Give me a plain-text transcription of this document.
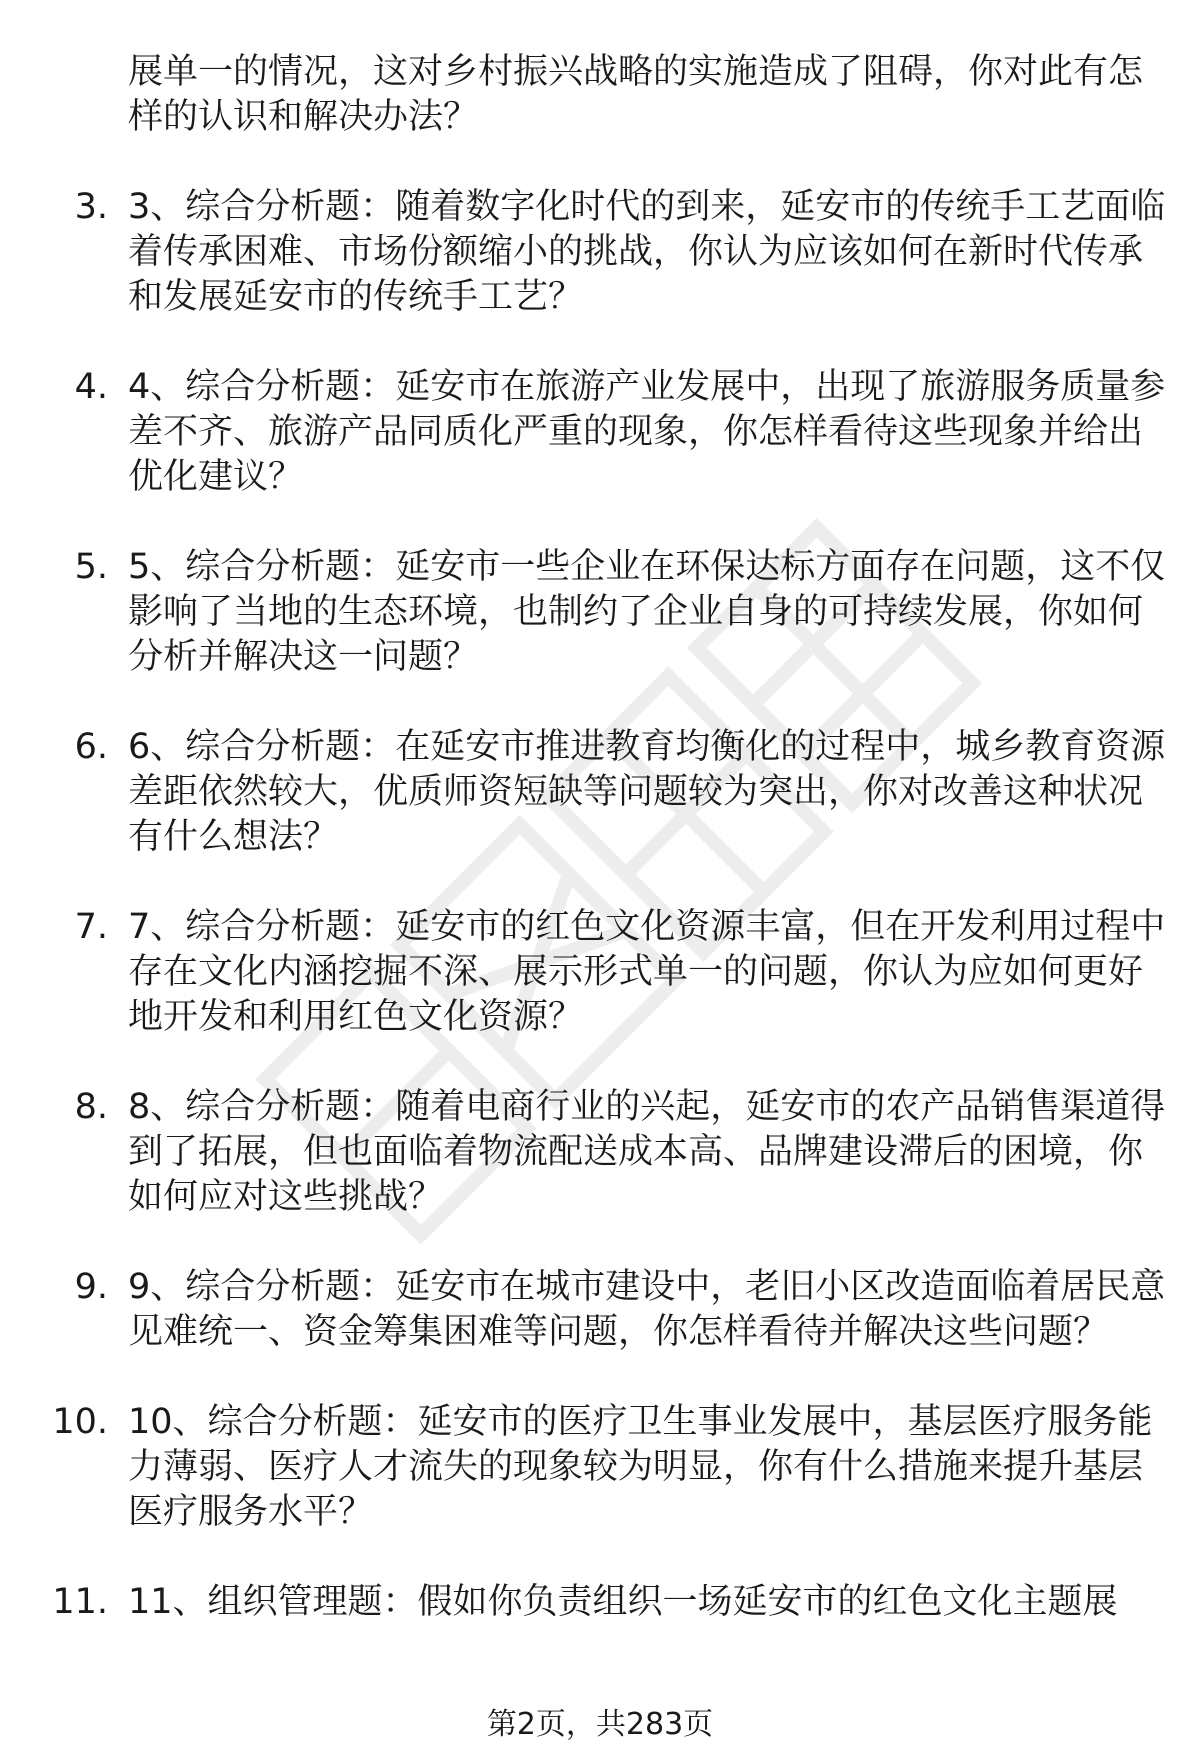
展单一的情况，这对乡村振兴战略的实施造成了阻碍，你对此有怎样的认识和解决办法？

3. 3、综合分析题：随着数字化时代的到来，延安市的传统手工艺面临着传承困难、市场份额缩小的挑战，你认为应该如何在新时代传承和发展延安市的传统手工艺？
4. 4、综合分析题：延安市在旅游产业发展中，出现了旅游服务质量参差不齐、旅游产品同质化严重的现象，你怎样看待这些现象并给出优化建议？
5. 5、综合分析题：延安市一些企业在环保达标方面存在问题，这不仅影响了当地的生态环境，也制约了企业自身的可持续发展，你如何分析并解决这一问题？
6. 6、综合分析题：在延安市推进教育均衡化的过程中，城乡教育资源差距依然较大，优质师资短缺等问题较为突出，你对改善这种状况有什么想法？
7. 7、综合分析题：延安市的红色文化资源丰富，但在开发利用过程中存在文化内涵挖掘不深、展示形式单一的问题，你认为应如何更好地开发和利用红色文化资源？
8. 8、综合分析题：随着电商行业的兴起，延安市的农产品销售渠道得到了拓展，但也面临着物流配送成本高、品牌建设滞后的困境，你如何应对这些挑战？
9. 9、综合分析题：延安市在城市建设中，老旧小区改造面临着居民意见难统一、资金筹集困难等问题，你怎样看待并解决这些问题？
10. 10、综合分析题：延安市的医疗卫生事业发展中，基层医疗服务能力薄弱、医疗人才流失的现象较为明显，你有什么措施来提升基层医疗服务水平？
11. 11、组织管理题：假如你负责组织一场延安市的红色文化主题展
第2页，共283页
